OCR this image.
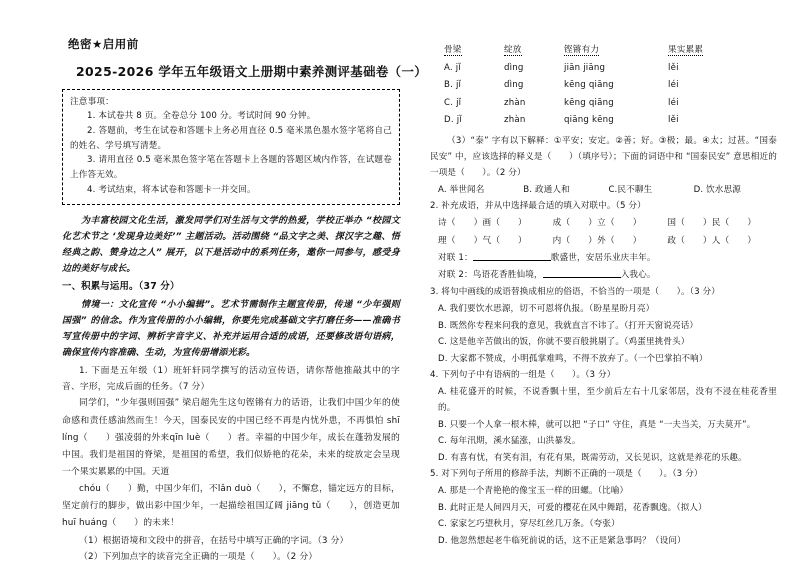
绝密★启用前
2025-2026 学年五年级语文上册期中素养测评基础卷（一）
注意事项：
1. 本试卷共 8 页。全卷总分 100 分。考试时间 90 分钟。
2. 答题前，考生在试卷和答题卡上务必用直径 0.5 毫米黑色墨水签字笔将自己的姓名、学号填写清楚。
3. 请用直径 0.5 毫米黑色签字笔在答题卡上各题的答题区域内作答，在试题卷上作答无效。
4. 考试结束，将本试卷和答题卡一并交回。
为丰富校园文化生活，激发同学们对生活与文学的热爱，学校正举办 “校园文化艺术节之 ‘发现身边美好’” 主题活动。活动围绕 “品文字之美、探汉字之趣、悟经典之韵、赞身边之人” 展开，以下是活动中的系列任务，邀你一同参与，感受身边的美好与成长。
一、积累与运用。（37 分）
情境一：文化宣传 “小小编辑”。艺术节需制作主题宣传册，传递 “少年强则国强” 的信念。作为宣传册的小小编辑，你要先完成基础文字打磨任务——准确书写宣传册中的字词、辨析字音字义、补充并运用合适的成语，还要修改语句语病，确保宣传内容准确、生动，为宣传册增添光彩。
1. 下面是五年级（1）班轩轩同学撰写的活动宣传语，请你帮他推敲其中的字音、字形，完成后面的任务。（7 分）
同学们，“少年强则国强” 梁启超先生这句铿锵有力的话语，让我们中国少年的使命感和责任感油然而生！今天，国泰民安的中国已经不再是内忧外患，不再惧怕 shī líng（　　）强凌弱的外来qīn luè（　　）者。幸福的中国少年，成长在蓬勃发展的中国。我们是祖国的脊梁，是祖国的希望，我们似娇艳的花朵，未来的绽放定会呈现一个果实累累的中国。天道
chóu（　　）勤，中国少年们，不lǎn duò（　　），不懈怠，锚定远方的目标，坚定前行的脚步，做出彩中国少年，一起描绘祖国辽阔 jiāng tǔ（　　），创造更加huī huáng（　　）的未来！
（1）根据语境和文段中的拼音，在括号中填写正确的字词。（3 分）
（2）下列加点字的读音完全正确的一项是（　　）。（2 分）
骨梁	绽放	铿锵有力	果实累累
A. jǐ	dìng	jiān jiāng	lěi
B. jǐ	dìng	kēng qiāng	léi
C. jǐ	zhàn	kēng qiāng	léi
D. jǐ	zhàn	qiāng kēng	lěi
（3）“泰” 字有以下解释：①平安；安定。②善；好。③极；最。④太；过甚。“国泰民安” 中，应该选择的释义是（　　）（填序号）；下面的词语中和 “国泰民安” 意思相近的一项是（　　）。（2 分）
A. 举世闻名	B. 政通人和	C.民不聊生	D. 饮水思源
2. 补充成语，并从中选择最合适的填入对联中。（5 分）
诗（　　）画（　　）	成（　　）立（　　）	国（　　）民（　　）
理（　　）气（　　）	内（　　）外（　　）	政（　　）人（　　）
对联 1：	歌盛世，安居乐业庆丰年。
对联 2：鸟语花香胜仙境，	入我心。
3. 将句中画线的成语替换成相应的俗语，不恰当的一项是（　　）。（3 分）
A. 我们要饮水思源，切不可恩将仇报。（盼星星盼月亮）
B. 既然你专程来问我的意见，我就直言不讳了。（打开天窗说亮话）
C. 这是他辛苦做出的饭，你就不要百般挑剔了。（鸡蛋里挑骨头）
D. 大家都不赞成，小明孤掌难鸣，不得不放弃了。（一个巴掌拍不响）
4. 下列句子中有语病的一组是（　　）。（3 分）
A. 桂花盛开的时候，不说香飘十里，至少前后左右十几家邻居，没有不浸在桂花香里的。
B. 只要一个人拿一根木棒，就可以把 “子口” 守住，真是 “一夫当关，万夫莫开”。
C. 每年汛期，溪水猛涨，山洪暴发。
D. 有喜有忧，有笑有泪，有花有果，既需劳动，又长见识，这就是养花的乐趣。
5. 对下列句子所用的修辞手法，判断不正确的一项是（　　）。（3 分）
A. 那是一个青艳艳的像宝玉一样的田螺。（比喻）
B. 此时正是人间四月天，可爱的樱花在风中舞蹈，花香飘逸。（拟人）
C. 家家乞巧望秋月，穿尽红丝几万条。（夸张）
D. 他忽然想起老牛临死前说的话，这不正是紧急事吗？（设问）
